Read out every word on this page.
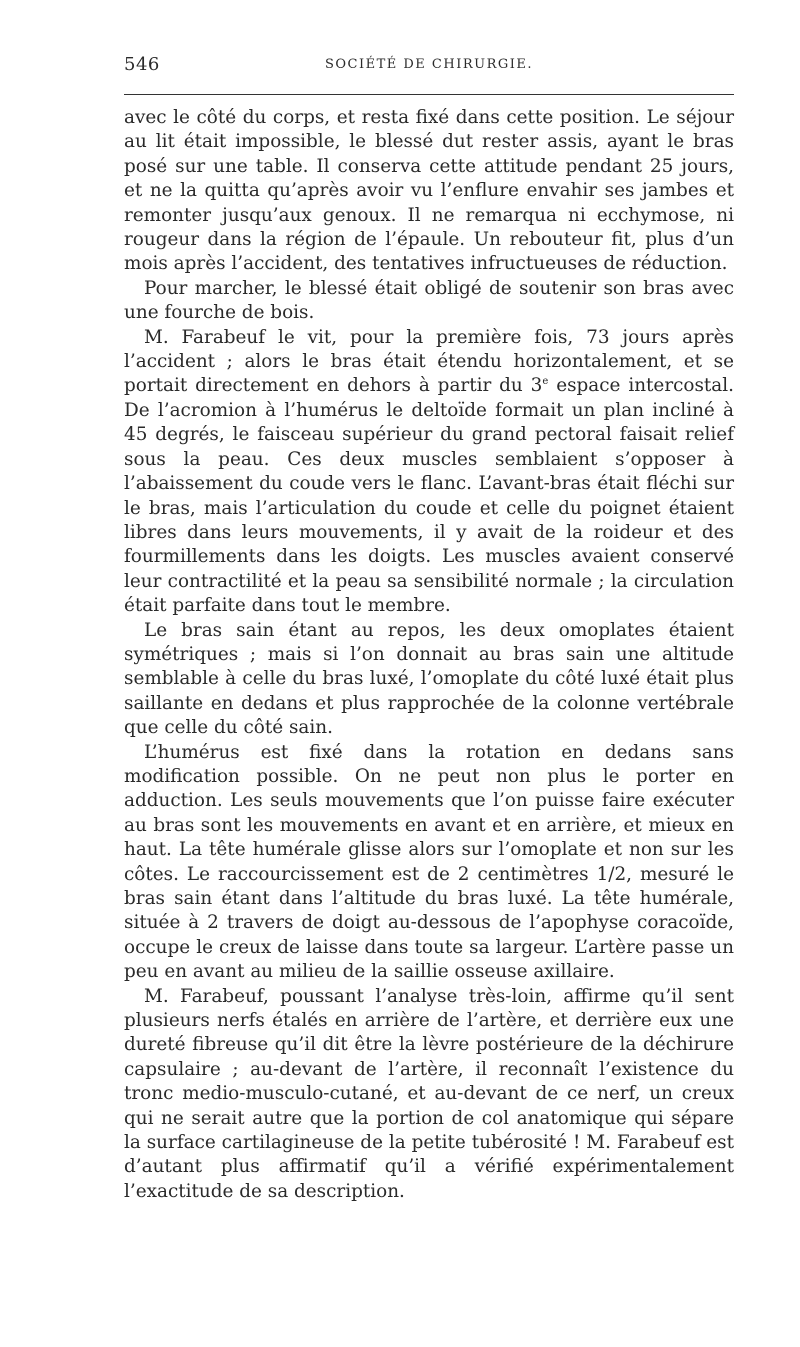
546	SOCIÉTÉ DE CHIRURGIE.

avec le côté du corps, et resta fixé dans cette position. Le séjour au lit était impossible, le blessé dut rester assis, ayant le bras posé sur une table. Il conserva cette attitude pendant 25 jours, et ne la quitta qu’après avoir vu l’enflure envahir ses jambes et remonter jusqu’aux genoux. Il ne remarqua ni ecchymose, ni rougeur dans la région de l’épaule. Un rebouteur fit, plus d’un mois après l’accident, des tentatives infructueuses de réduction.

Pour marcher, le blessé était obligé de soutenir son bras avec une fourche de bois.

M. Farabeuf le vit, pour la première fois, 73 jours après l’accident ; alors le bras était étendu horizontalement, et se portait directement en dehors à partir du 3e espace intercostal. De l’acromion à l’humérus le deltoïde formait un plan incliné à 45 degrés, le faisceau supérieur du grand pectoral faisait relief sous la peau. Ces deux muscles semblaient s’opposer à l’abaissement du coude vers le flanc. L’avant-bras était fléchi sur le bras, mais l’articulation du coude et celle du poignet étaient libres dans leurs mouvements, il y avait de la roideur et des fourmillements dans les doigts. Les muscles avaient conservé leur contractilité et la peau sa sensibilité normale ; la circulation était parfaite dans tout le membre.

Le bras sain étant au repos, les deux omoplates étaient symétriques ; mais si l’on donnait au bras sain une altitude semblable à celle du bras luxé, l’omoplate du côté luxé était plus saillante en dedans et plus rapprochée de la colonne vertébrale que celle du côté sain.

L’humérus est fixé dans la rotation en dedans sans modification possible. On ne peut non plus le porter en adduction. Les seuls mouvements que l’on puisse faire exécuter au bras sont les mouvements en avant et en arrière, et mieux en haut. La tête humérale glisse alors sur l’omoplate et non sur les côtes. Le raccourcissement est de 2 centimètres 1/2, mesuré le bras sain étant dans l’altitude du bras luxé. La tête humérale, située à 2 travers de doigt au-dessous de l’apophyse coracoïde, occupe le creux de laisse dans toute sa largeur. L’artère passe un peu en avant au milieu de la saillie osseuse axillaire.

M. Farabeuf, poussant l’analyse très-loin, affirme qu’il sent plusieurs nerfs étalés en arrière de l’artère, et derrière eux une dureté fibreuse qu’il dit être la lèvre postérieure de la déchirure capsulaire ; au-devant de l’artère, il reconnaît l’existence du tronc medio-musculo-cutané, et au-devant de ce nerf, un creux qui ne serait autre que la portion de col anatomique qui sépare la surface cartilagineuse de la petite tubérosité ! M. Farabeuf est d’autant plus affirmatif qu’il a vérifié expérimentalement l’exactitude de sa description.
